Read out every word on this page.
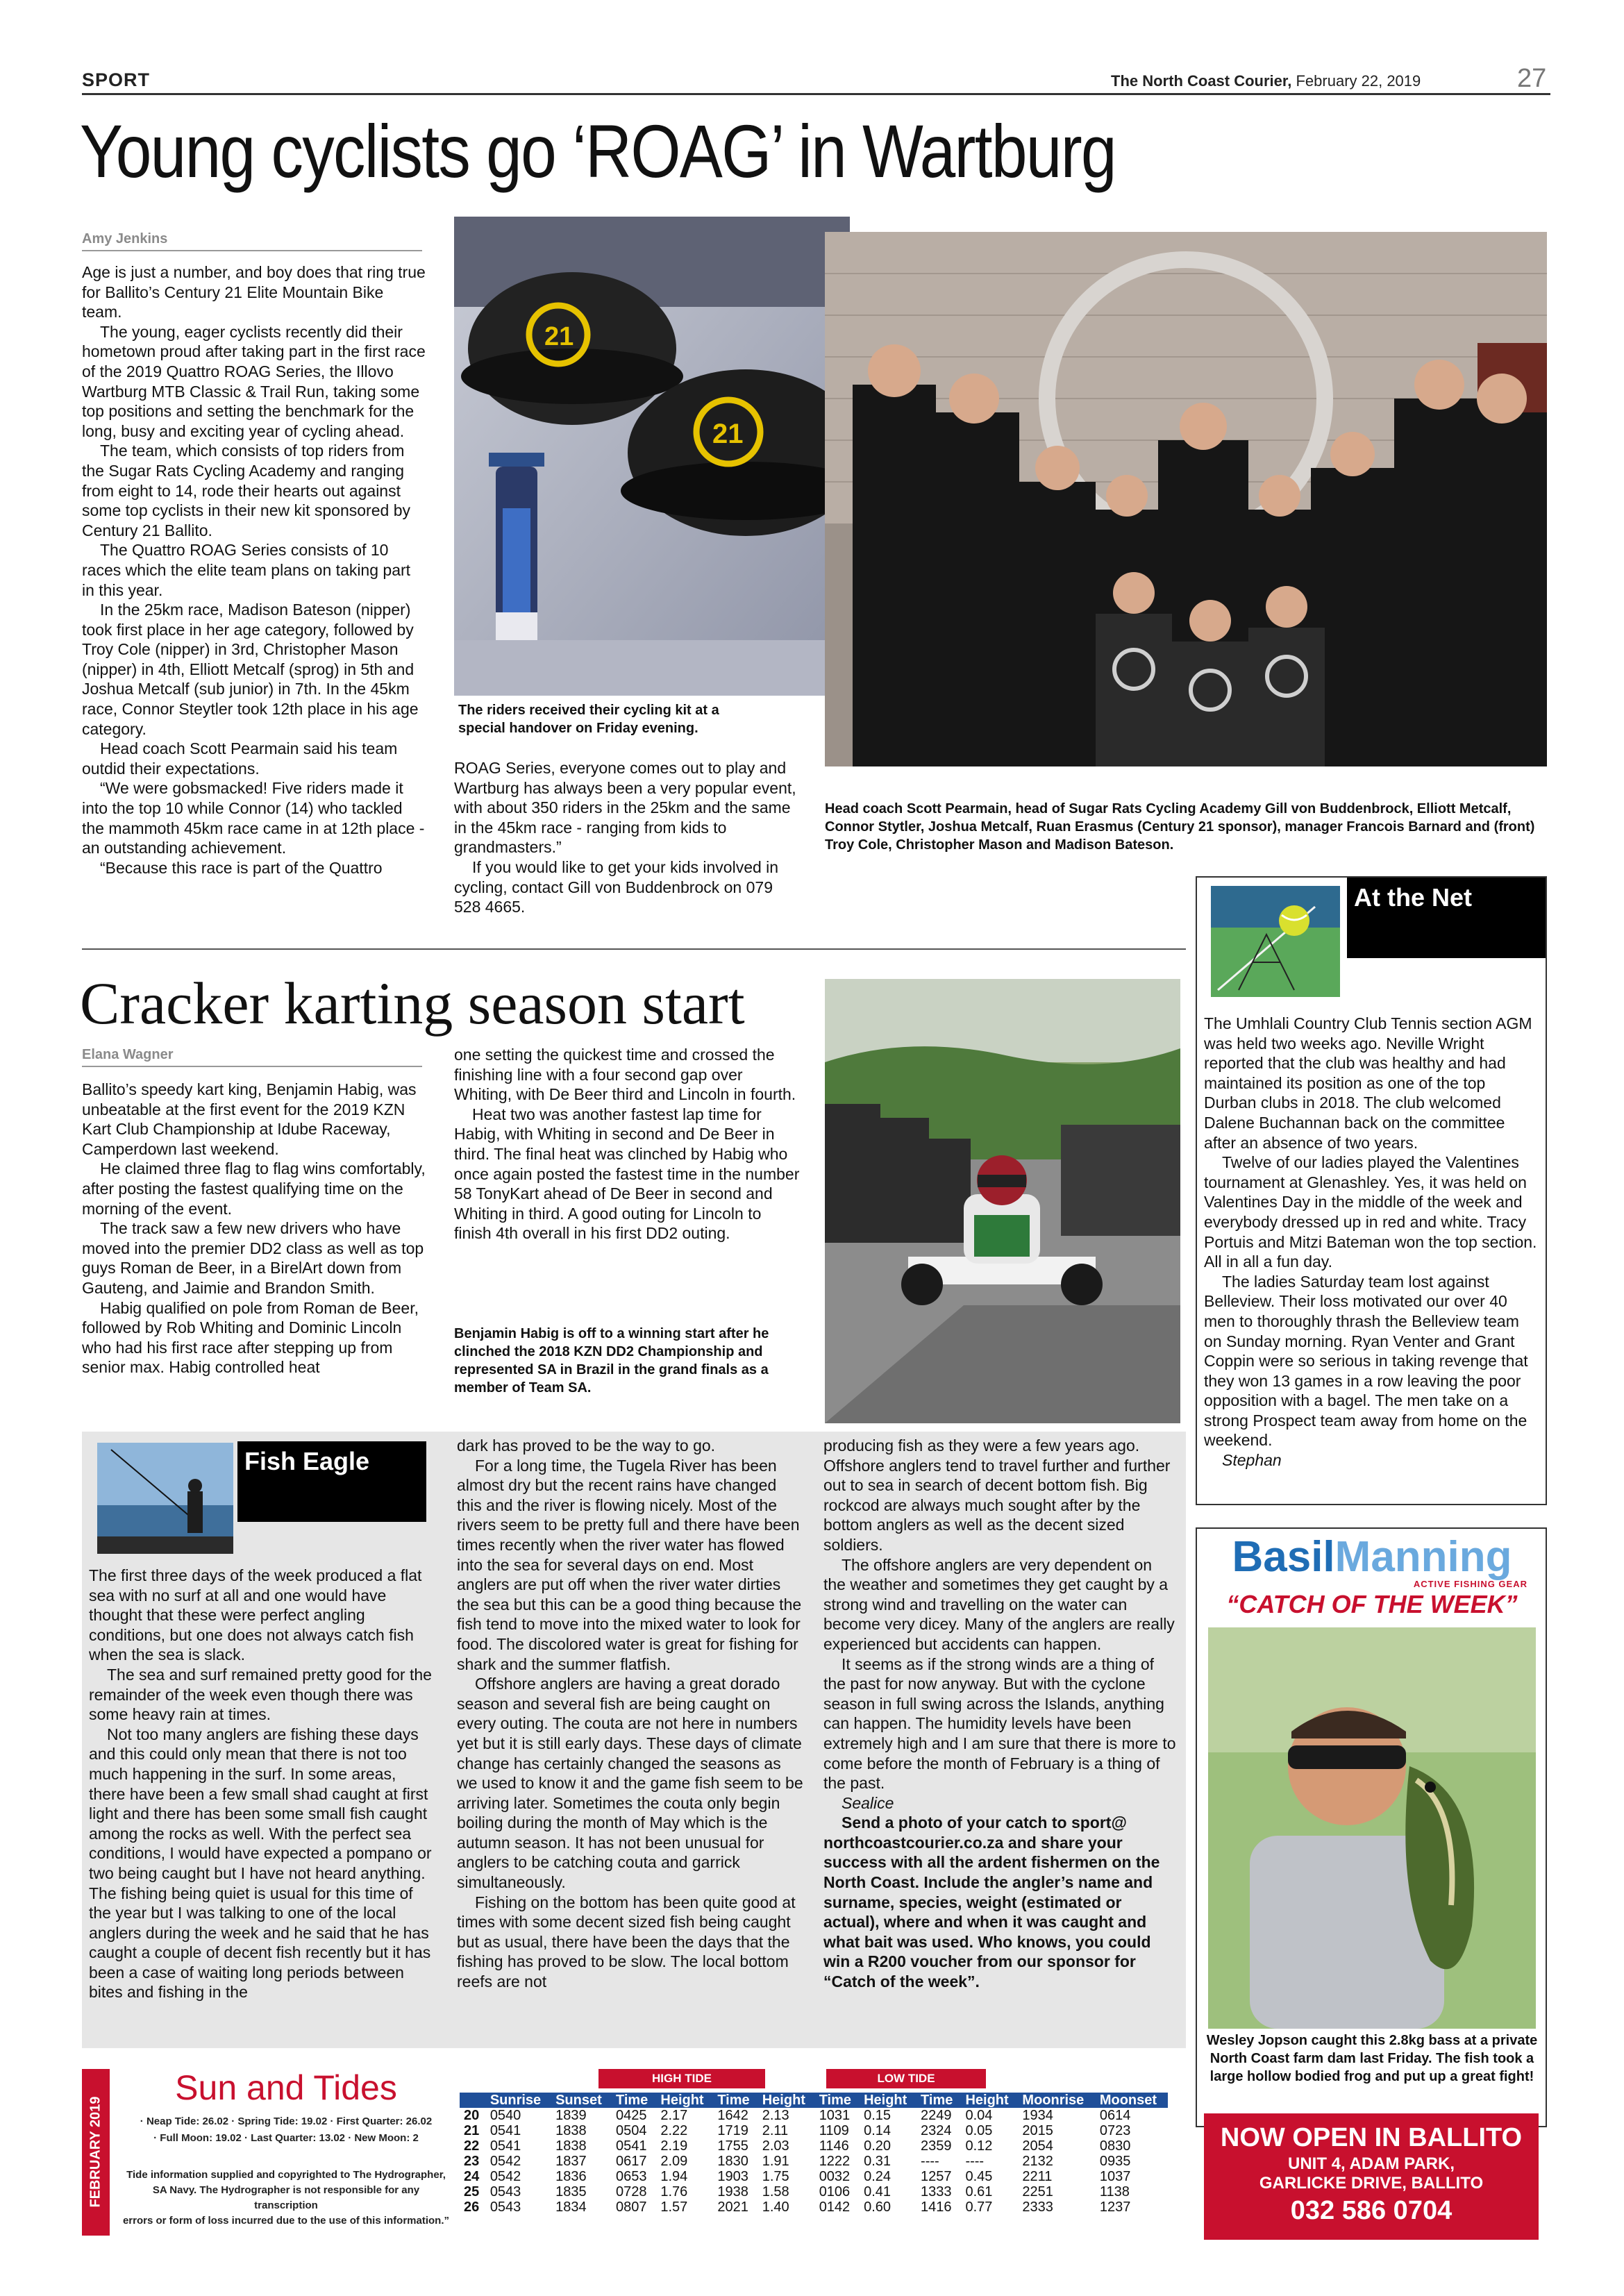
SPORT	The North Coast Courier, February 22, 2019	27
Young cyclists go ‘ROAG’ in Wartburg
Amy Jenkins

Age is just a number, and boy does that ring true for Ballito’s Century 21 Elite Mountain Bike team.

The young, eager cyclists recently did their hometown proud after taking part in the first race of the 2019 Quattro ROAG Series, the Illovo Wartburg MTB Classic & Trail Run, taking some top positions and setting the benchmark for the long, busy and exciting year of cycling ahead.

The team, which consists of top riders from the Sugar Rats Cycling Academy and ranging from eight to 14, rode their hearts out against some top cyclists in their new kit sponsored by Century 21 Ballito.

The Quattro ROAG Series consists of 10 races which the elite team plans on taking part in this year.

In the 25km race, Madison Bateson (nipper) took first place in her age category, followed by Troy Cole (nipper) in 3rd, Christopher Mason (nipper) in 4th, Elliott Metcalf (sprog) in 5th and Joshua Metcalf (sub junior) in 7th. In the 45km race, Connor Steytler took 12th place in his age category.

Head coach Scott Pearmain said his team outdid their expectations.

“We were gobsmacked! Five riders made it into the top 10 while Connor (14) who tackled the mammoth 45km race came in at 12th place - an outstanding achievement.

“Because this race is part of the Quattro

21
21
The riders received their cycling kit at a special handover on Friday evening.

ROAG Series, everyone comes out to play and Wartburg has always been a very popular event, with about 350 riders in the 25km and the same in the 45km race - ranging from kids to grandmasters.”

If you would like to get your kids involved in cycling, contact Gill von Buddenbrock on 079 528 4665.

Head coach Scott Pearmain, head of Sugar Rats Cycling Academy Gill von Buddenbrock, Elliott Metcalf, Connor Stytler, Joshua Metcalf, Ruan Erasmus (Century 21 sponsor), manager Francois Barnard and (front) Troy Cole, Christopher Mason and Madison Bateson.
At the Net

The Umhlali Country Club Tennis section AGM was held two weeks ago. Neville Wright reported that the club was healthy and had maintained its position as one of the top Durban clubs in 2018. The club welcomed Dalene Buchannan back on the committee after an absence of two years.

Twelve of our ladies played the Valentines tournament at Glenashley. Yes, it was held on Valentines Day in the middle of the week and everybody dressed up in red and white. Tracy Portuis and Mitzi Bateman won the top section. All in all a fun day.

The ladies Saturday team lost against Belleview. Their loss motivated our over 40 men to thoroughly thrash the Belleview team on Sunday morning. Ryan Venter and Grant Coppin were so serious in taking revenge that they won 13 games in a row leaving the poor opposition with a bagel. The men take on a strong Prospect team away from home on the weekend.

Stephan

Cracker karting season start
Elana Wagner

Ballito’s speedy kart king, Benjamin Habig, was unbeatable at the first event for the 2019 KZN Kart Club Championship at Idube Raceway, Camperdown last weekend.

He claimed three flag to flag wins comfortably, after posting the fastest qualifying time on the morning of the event.

The track saw a few new drivers who have moved into the premier DD2 class as well as top guys Roman de Beer, in a BirelArt down from Gauteng, and Jaimie and Brandon Smith.

Habig qualified on pole from Roman de Beer, followed by Rob Whiting and Dominic Lincoln who had his first race after stepping up from senior max. Habig controlled heat

one setting the quickest time and crossed the finishing line with a four second gap over Whiting, with De Beer third and Lincoln in fourth.

Heat two was another fastest lap time for Habig, with Whiting in second and De Beer in third. The final heat was clinched by Habig who once again posted the fastest time in the number 58 TonyKart ahead of De Beer in second and Whiting in third. A good outing for Lincoln to finish 4th overall in his first DD2 outing.

Benjamin Habig is off to a winning start after he clinched the 2018 KZN DD2 Championship and represented SA in Brazil in the grand finals as a member of Team SA.
Fish Eagle

The first three days of the week produced a flat sea with no surf at all and one would have thought that these were perfect angling conditions, but one does not always catch fish when the sea is slack.

The sea and surf remained pretty good for the remainder of the week even though there was some heavy rain at times.

Not too many anglers are fishing these days and this could only mean that there is not too much happening in the surf. In some areas, there have been a few small shad caught at first light and there has been some small fish caught among the rocks as well. With the perfect sea conditions, I would have expected a pompano or two being caught but I have not heard anything. The fishing being quiet is usual for this time of the year but I was talking to one of the local anglers during the week and he said that he has caught a couple of decent fish recently but it has been a case of waiting long periods between bites and fishing in the

dark has proved to be the way to go.

For a long time, the Tugela River has been almost dry but the recent rains have changed this and the river is flowing nicely. Most of the rivers seem to be pretty full and there have been times recently when the river water has flowed into the sea for several days on end. Most anglers are put off when the river water dirties the sea but this can be a good thing because the fish tend to move into the mixed water to look for food. The discolored water is great for fishing for shark and the summer flatfish.

Offshore anglers are having a great dorado season and several fish are being caught on every outing. The couta are not here in numbers yet but it is still early days. These days of climate change has certainly changed the seasons as we used to know it and the game fish seem to be arriving later. Sometimes the couta only begin boiling during the month of May which is the autumn season. It has not been unusual for anglers to be catching couta and garrick simultaneously.

Fishing on the bottom has been quite good at times with some decent sized fish being caught but as usual, there have been the days that the fishing has proved to be slow. The local bottom reefs are not

producing fish as they were a few years ago. Offshore anglers tend to travel further and further out to sea in search of decent bottom fish. Big rockcod are always much sought after by the bottom anglers as well as the decent sized soldiers.

The offshore anglers are very dependent on the weather and sometimes they get caught by a strong wind and travelling on the water can become very dicey. Many of the anglers are really experienced but accidents can happen.

It seems as if the strong winds are a thing of the past for now anyway. But with the cyclone season in full swing across the Islands, anything can happen. The humidity levels have been extremely high and I am sure that there is more to come before the month of February is a thing of the past.

Sealice

Send a photo of your catch to sport@ northcoastcourier.co.za and share your success with all the ardent fishermen on the North Coast. Include the angler’s name and surname, species, weight (estimated or actual), where and when it was caught and what bait was used. Who knows, you could win a R200 voucher from our sponsor for “Catch of the week”.

BasilManning
ACTIVE FISHING GEAR
“CATCH OF THE WEEK”
Wesley Jopson caught this 2.8kg bass at a private North Coast farm dam last Friday. The fish took a large hollow bodied frog and put up a great fight!
NOW OPEN IN BALLITO
UNIT 4, ADAM PARK,
GARLICKE DRIVE, BALLITO
032 586 0704
FEBRUARY 2019
Sun and Tides
· Neap Tide: 26.02 · Spring Tide: 19.02 · First Quarter: 26.02
· Full Moon: 19.02 · Last Quarter: 13.02 · New Moon: 2
Tide information supplied and copyrighted to The Hydrographer,
SA Navy. The Hydrographer is not responsible for any transcription
errors or form of loss incurred due to the use of this information.”
HIGH TIDE	LOW TIDE
	Sunrise	Sunset	Time	Height	Time	Height	Time	Height	Time	Height	Moonrise	Moonset
20	0540	1839	0425	2.17	1642	2.13	1031	0.15	2249	0.04	1934	0614
21	0541	1838	0504	2.22	1719	2.11	1109	0.14	2324	0.05	2015	0723
22	0541	1838	0541	2.19	1755	2.03	1146	0.20	2359	0.12	2054	0830
23	0542	1837	0617	2.09	1830	1.91	1222	0.31	----	----	2132	0935
24	0542	1836	0653	1.94	1903	1.75	0032	0.24	1257	0.45	2211	1037
25	0543	1835	0728	1.76	1938	1.58	0106	0.41	1333	0.61	2251	1138
26	0543	1834	0807	1.57	2021	1.40	0142	0.60	1416	0.77	2333	1237
